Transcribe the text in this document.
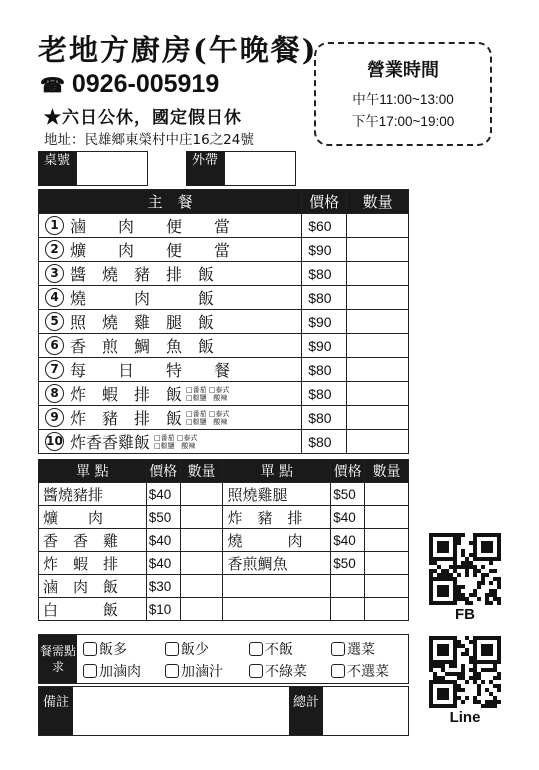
老地方廚房(午晚餐)
☎ 0926-005919
★六日公休，國定假日休
地址：民雄鄉東榮村中庄16之24號
營業時間
中午11:00~13:00
下午17:00~19:00
桌號	外帶
主　餐	價格	數量
1 滷　　肉　　便　　當	$60	
2 爌　　肉　　便　　當	$90	
3 醬　燒　豬　排　飯	$80	
4 燒　　　肉　　　飯	$80	
5 照　燒　雞　腿　飯	$90	
6 香　煎　鯛　魚　飯	$90	
7 每　　日　　特　　餐	$80	
8 炸　蝦　排　飯 □番茄 □泰式
□椒鹽 酸辣	$80	
9 炸　豬　排　飯 □番茄 □泰式
□椒鹽 酸辣	$80	
10 炸香香雞飯 □番茄 □泰式
□椒鹽 酸辣	$80	
單 點	價格	數量	單 點	價格	數量
醬燒豬排	$40		照燒雞腿	$50	
爌　　肉	$50		炸　豬　排	$40	
香　香　雞	$40		燒　　　肉	$40	
炸　蝦　排	$40		香煎鯛魚	$50	
滷　肉　飯	$30				
白　　　飯	$10				
餐需點求
飯多	飯少	不飯	選菜
加滷肉	加滷汁	不綠菜	不選菜
備註	總計
FB
Line
